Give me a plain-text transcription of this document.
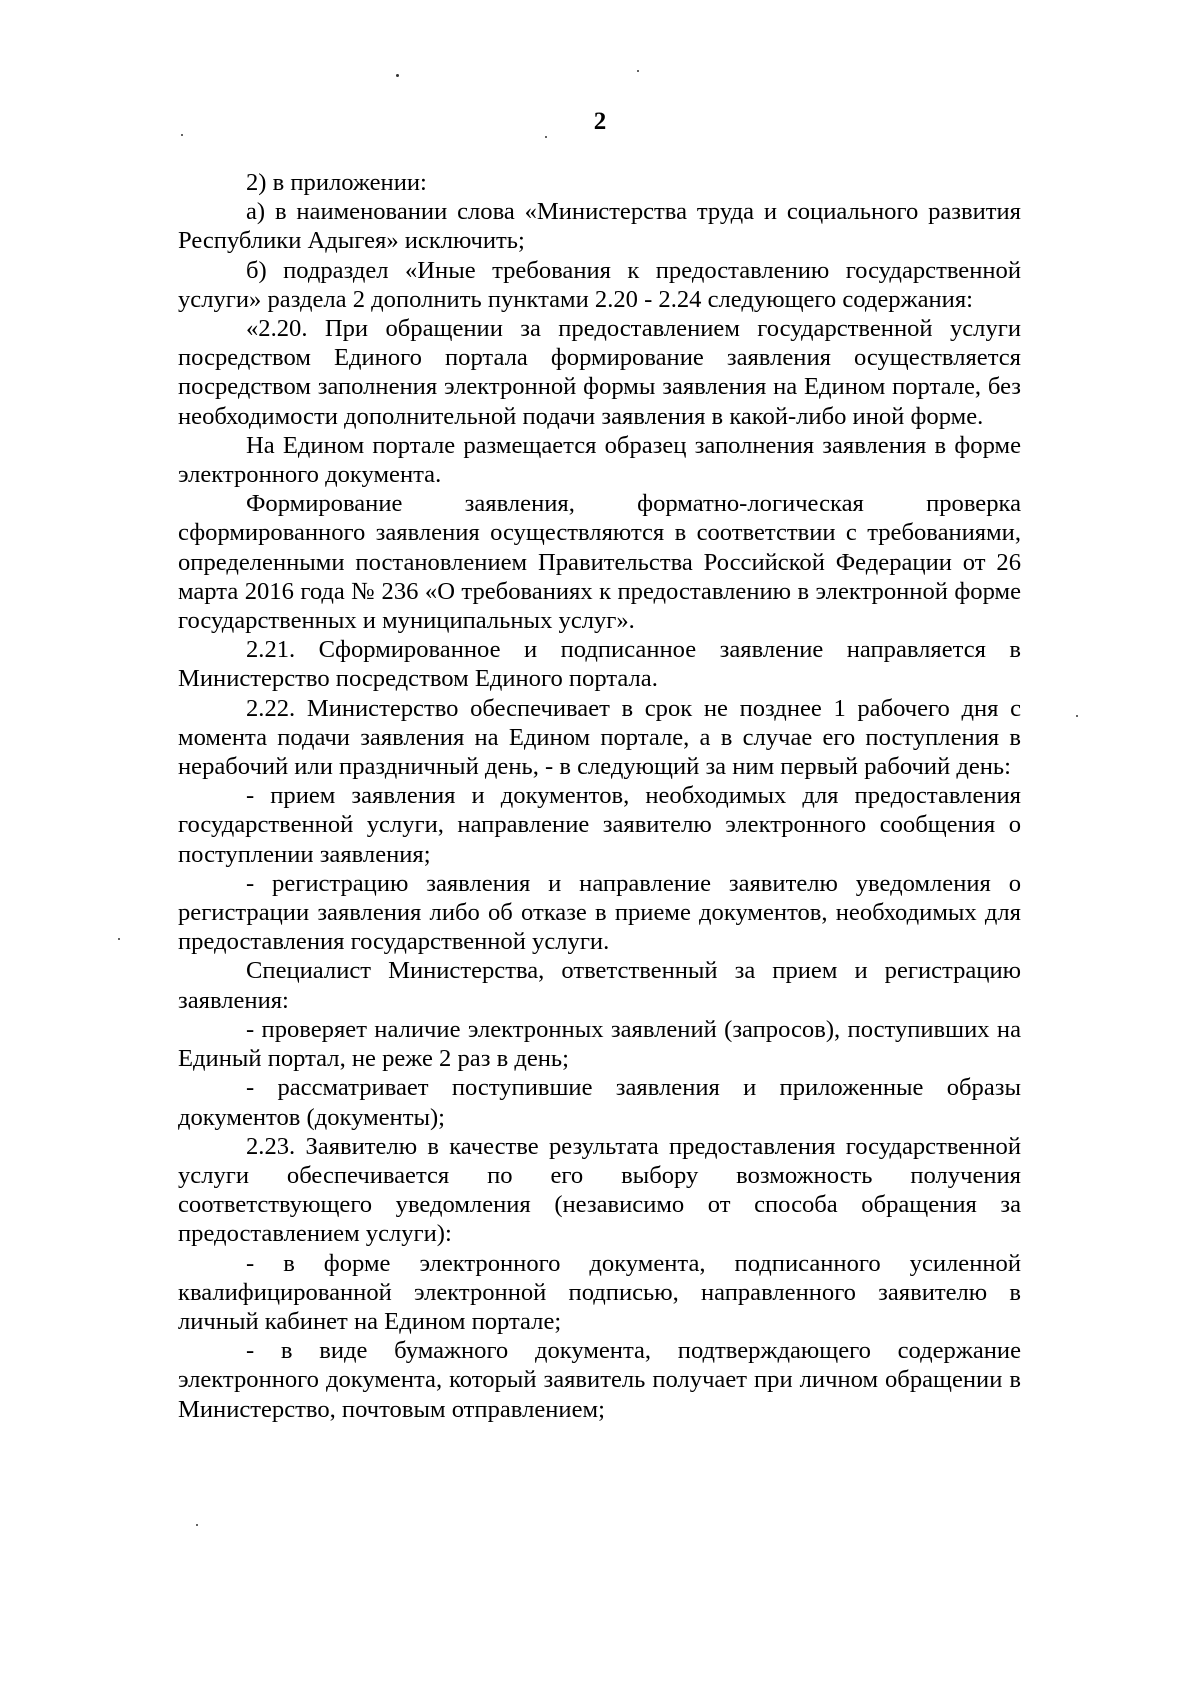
2

2) в приложении:

а) в наименовании слова «Министерства труда и социального развития Республики Адыгея» исключить;

б) подраздел «Иные требования к предоставлению государственной услуги» раздела 2 дополнить пунктами 2.20 - 2.24 следующего содержания:

«2.20. При обращении за предоставлением государственной услуги посредством Единого портала формирование заявления осуществляется посредством заполнения электронной формы заявления на Едином портале, без необходимости дополнительной подачи заявления в какой-либо иной форме.

На Едином портале размещается образец заполнения заявления в форме электронного документа.

Формирование заявления, форматно-логическая проверка сформированного заявления осуществляются в соответствии с требованиями, определенными постановлением Правительства Российской Федерации от 26 марта 2016 года № 236 «О требованиях к предоставлению в электронной форме государственных и муниципальных услуг».

2.21. Сформированное и подписанное заявление направляется в Министерство посредством Единого портала.

2.22. Министерство обеспечивает в срок не позднее 1 рабочего дня с момента подачи заявления на Едином портале, а в случае его поступления в нерабочий или праздничный день, - в следующий за ним первый рабочий день:

- прием заявления и документов, необходимых для предоставления государственной услуги, направление заявителю электронного сообщения о поступлении заявления;

- регистрацию заявления и направление заявителю уведомления о регистрации заявления либо об отказе в приеме документов, необходимых для предоставления государственной услуги.

Специалист Министерства, ответственный за прием и регистрацию заявления:

- проверяет наличие электронных заявлений (запросов), поступивших на Единый портал, не реже 2 раз в день;

- рассматривает поступившие заявления и приложенные образы документов (документы);

2.23. Заявителю в качестве результата предоставления государственной услуги обеспечивается по его выбору возможность получения соответствующего уведомления (независимо от способа обращения за предоставлением услуги):

- в форме электронного документа, подписанного усиленной квалифицированной электронной подписью, направленного заявителю в личный кабинет на Едином портале;

- в виде бумажного документа, подтверждающего содержание электронного документа, который заявитель получает при личном обращении в Министерство, почтовым отправлением;
